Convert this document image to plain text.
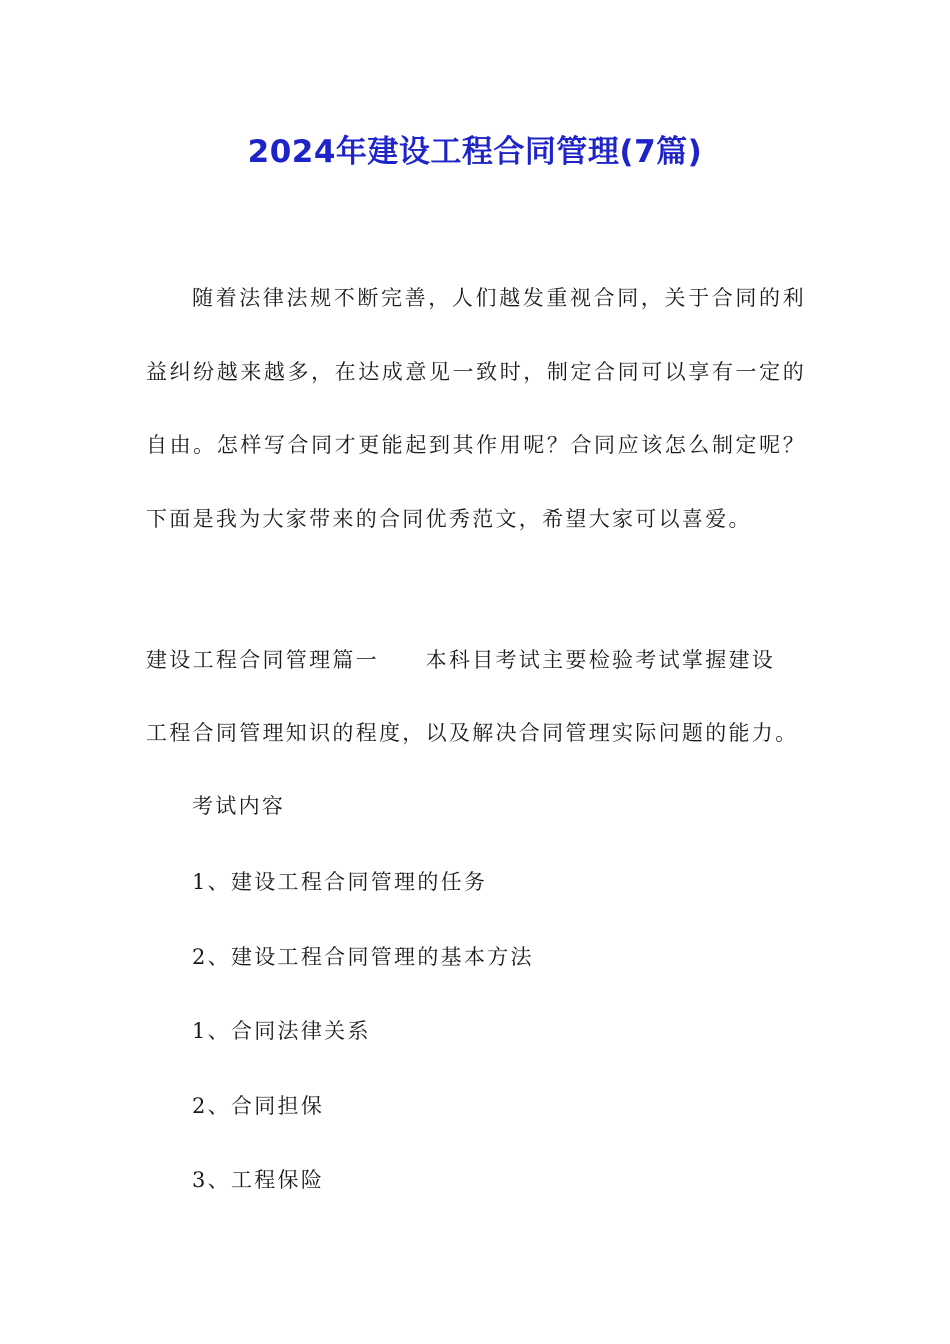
2024年建设工程合同管理(7篇)

随着法律法规不断完善，人们越发重视合同，关于合同的利益纠纷越来越多，在达成意见一致时，制定合同可以享有一定的自由。怎样写合同才更能起到其作用呢？合同应该怎么制定呢？下面是我为大家带来的合同优秀范文，希望大家可以喜爱。

建设工程合同管理篇一　　本科目考试主要检验考试掌握建设

工程合同管理知识的程度，以及解决合同管理实际问题的能力。

考试内容

1、建设工程合同管理的任务

2、建设工程合同管理的基本方法

1、合同法律关系

2、合同担保

3、工程保险
